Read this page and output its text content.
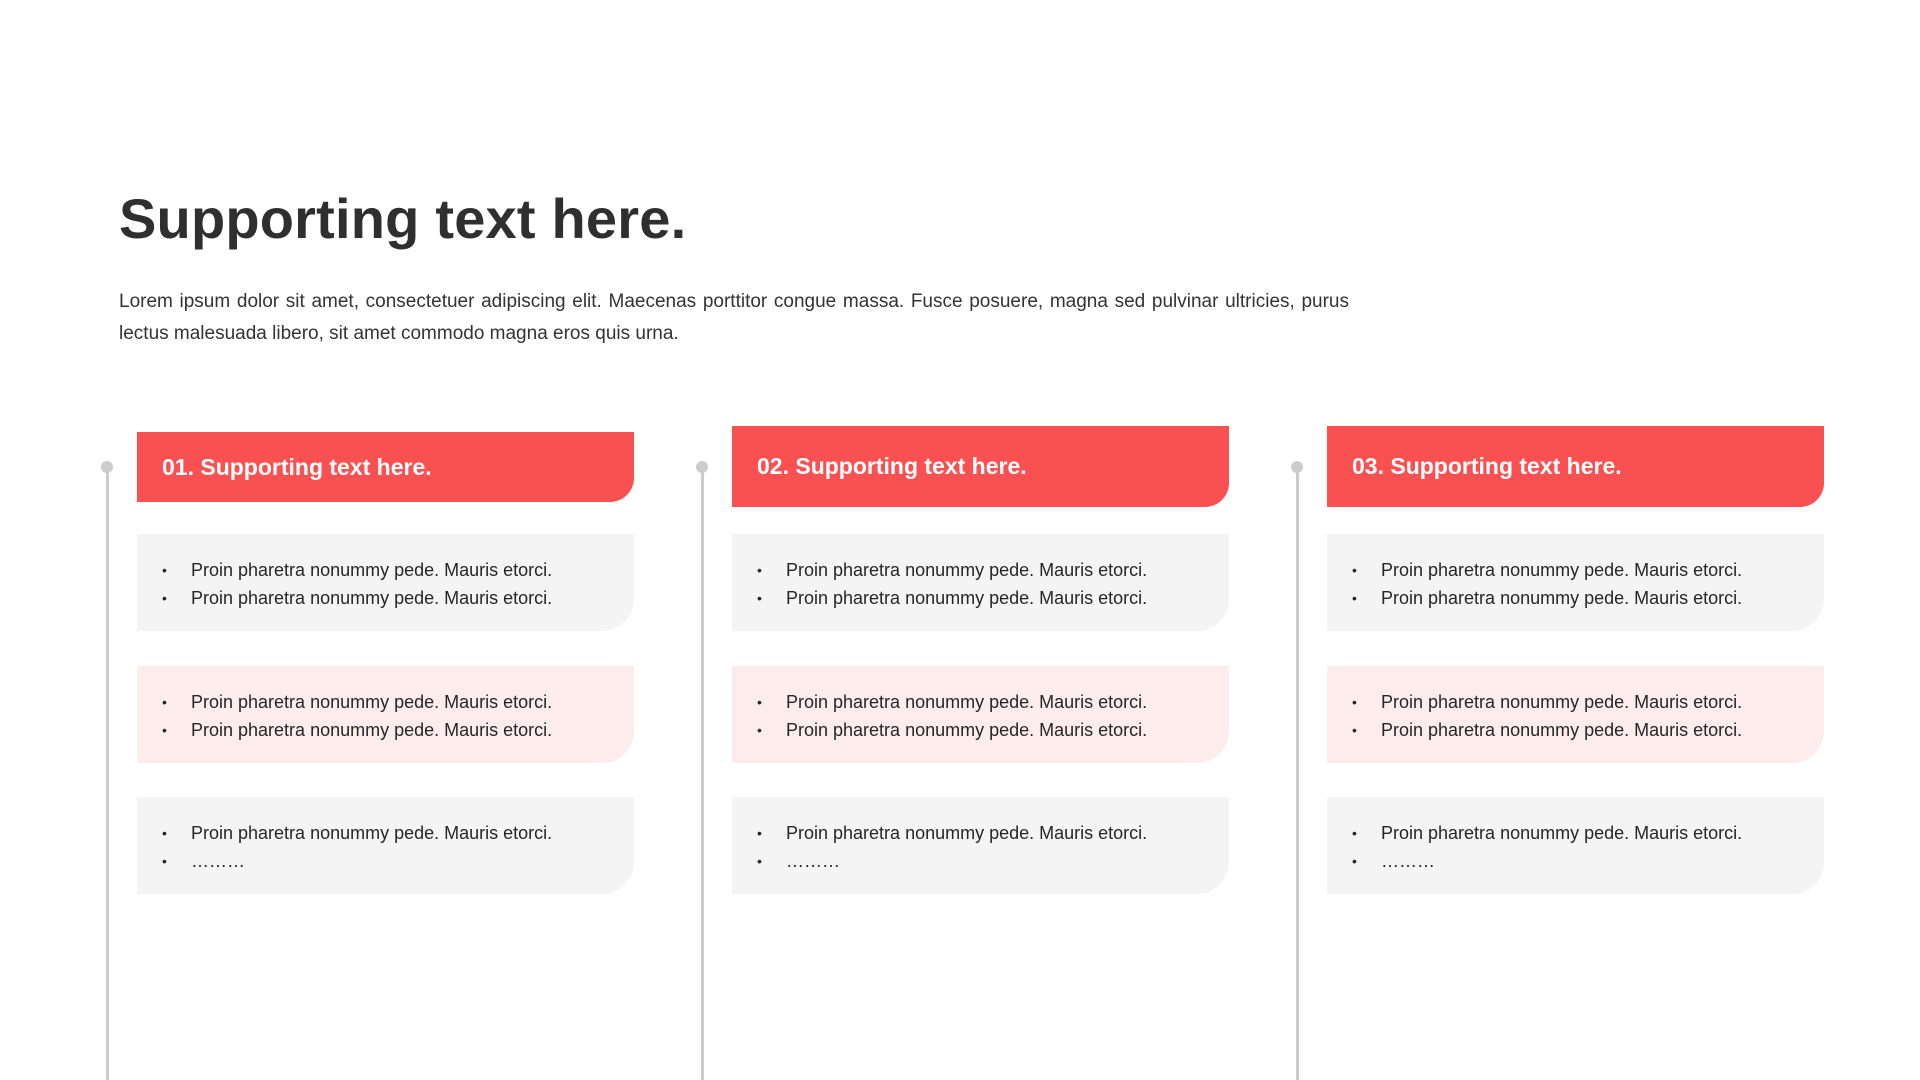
Supporting text here.

Lorem ipsum dolor sit amet, consectetuer adipiscing elit. Maecenas porttitor congue massa. Fusce posuere, magna sed pulvinar ultricies, purus lectus malesuada libero, sit amet commodo magna eros quis urna.

01. Supporting text here.
• Proin pharetra nonummy pede. Mauris etorci.
• Proin pharetra nonummy pede. Mauris etorci.
• Proin pharetra nonummy pede. Mauris etorci.
• Proin pharetra nonummy pede. Mauris etorci.
• Proin pharetra nonummy pede. Mauris etorci.
• ………
02. Supporting text here.
• Proin pharetra nonummy pede. Mauris etorci.
• Proin pharetra nonummy pede. Mauris etorci.
• Proin pharetra nonummy pede. Mauris etorci.
• Proin pharetra nonummy pede. Mauris etorci.
• Proin pharetra nonummy pede. Mauris etorci.
• ………
03. Supporting text here.
• Proin pharetra nonummy pede. Mauris etorci.
• Proin pharetra nonummy pede. Mauris etorci.
• Proin pharetra nonummy pede. Mauris etorci.
• Proin pharetra nonummy pede. Mauris etorci.
• Proin pharetra nonummy pede. Mauris etorci.
• ………
